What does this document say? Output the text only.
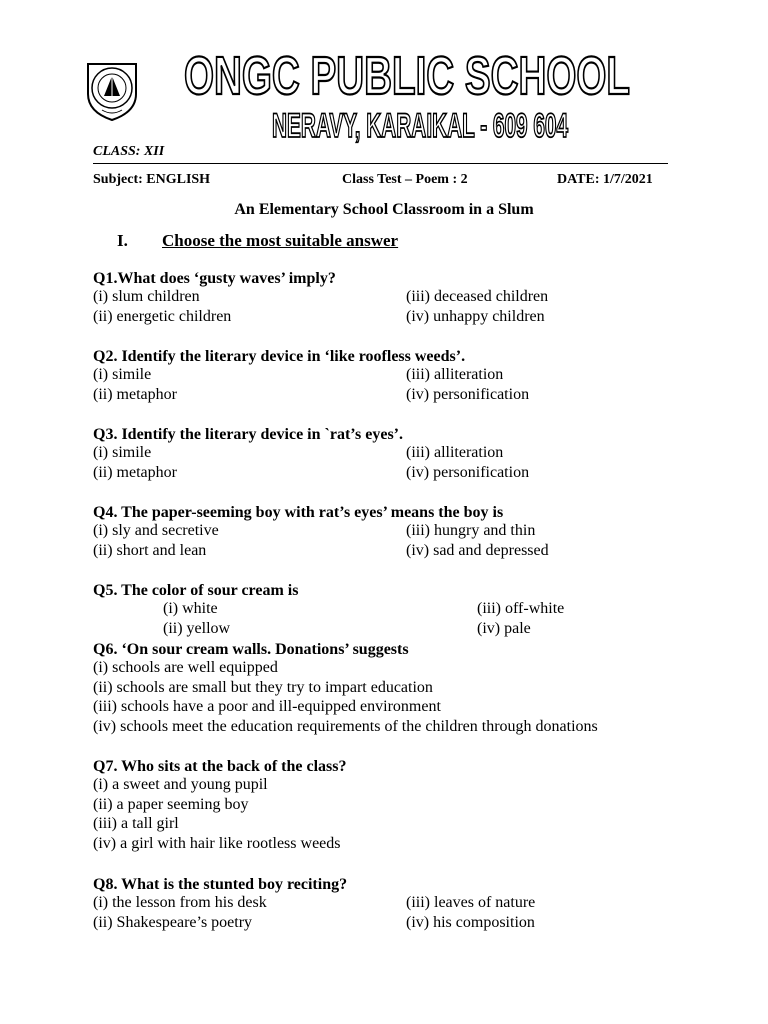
ONGC PUBLIC SCHOOL
NERAVY, KARAIKAL - 609 604
CLASS: XII
Subject: ENGLISH	Class Test – Poem : 2	DATE: 1/7/2021
An Elementary School Classroom in a Slum
I. Choose the most suitable answer
Q1.What does ‘gusty waves’ imply?
(i) slum children	(iii) deceased children
(ii) energetic children	(iv) unhappy children
Q2. Identify the literary device in ‘like roofless weeds’.
(i) simile	(iii) alliteration
(ii) metaphor	(iv) personification
Q3. Identify the literary device in `rat’s eyes’.
(i) simile	(iii) alliteration
(ii) metaphor	(iv) personification
Q4. The paper-seeming boy with rat’s eyes’ means the boy is
(i) sly and secretive	(iii) hungry and thin
(ii) short and lean	(iv) sad and depressed
Q5. The color of sour cream is
(i) white	(iii) off-white
(ii) yellow	(iv) pale
Q6. ‘On sour cream walls. Donations’ suggests
(i) schools are well equipped
(ii) schools are small but they try to impart education
(iii) schools have a poor and ill-equipped environment
(iv) schools meet the education requirements of the children through donations
Q7. Who sits at the back of the class?
(i) a sweet and young pupil
(ii) a paper seeming boy
(iii) a tall girl
(iv) a girl with hair like rootless weeds
Q8. What is the stunted boy reciting?
(i) the lesson from his desk	(iii) leaves of nature
(ii) Shakespeare’s poetry	(iv) his composition
